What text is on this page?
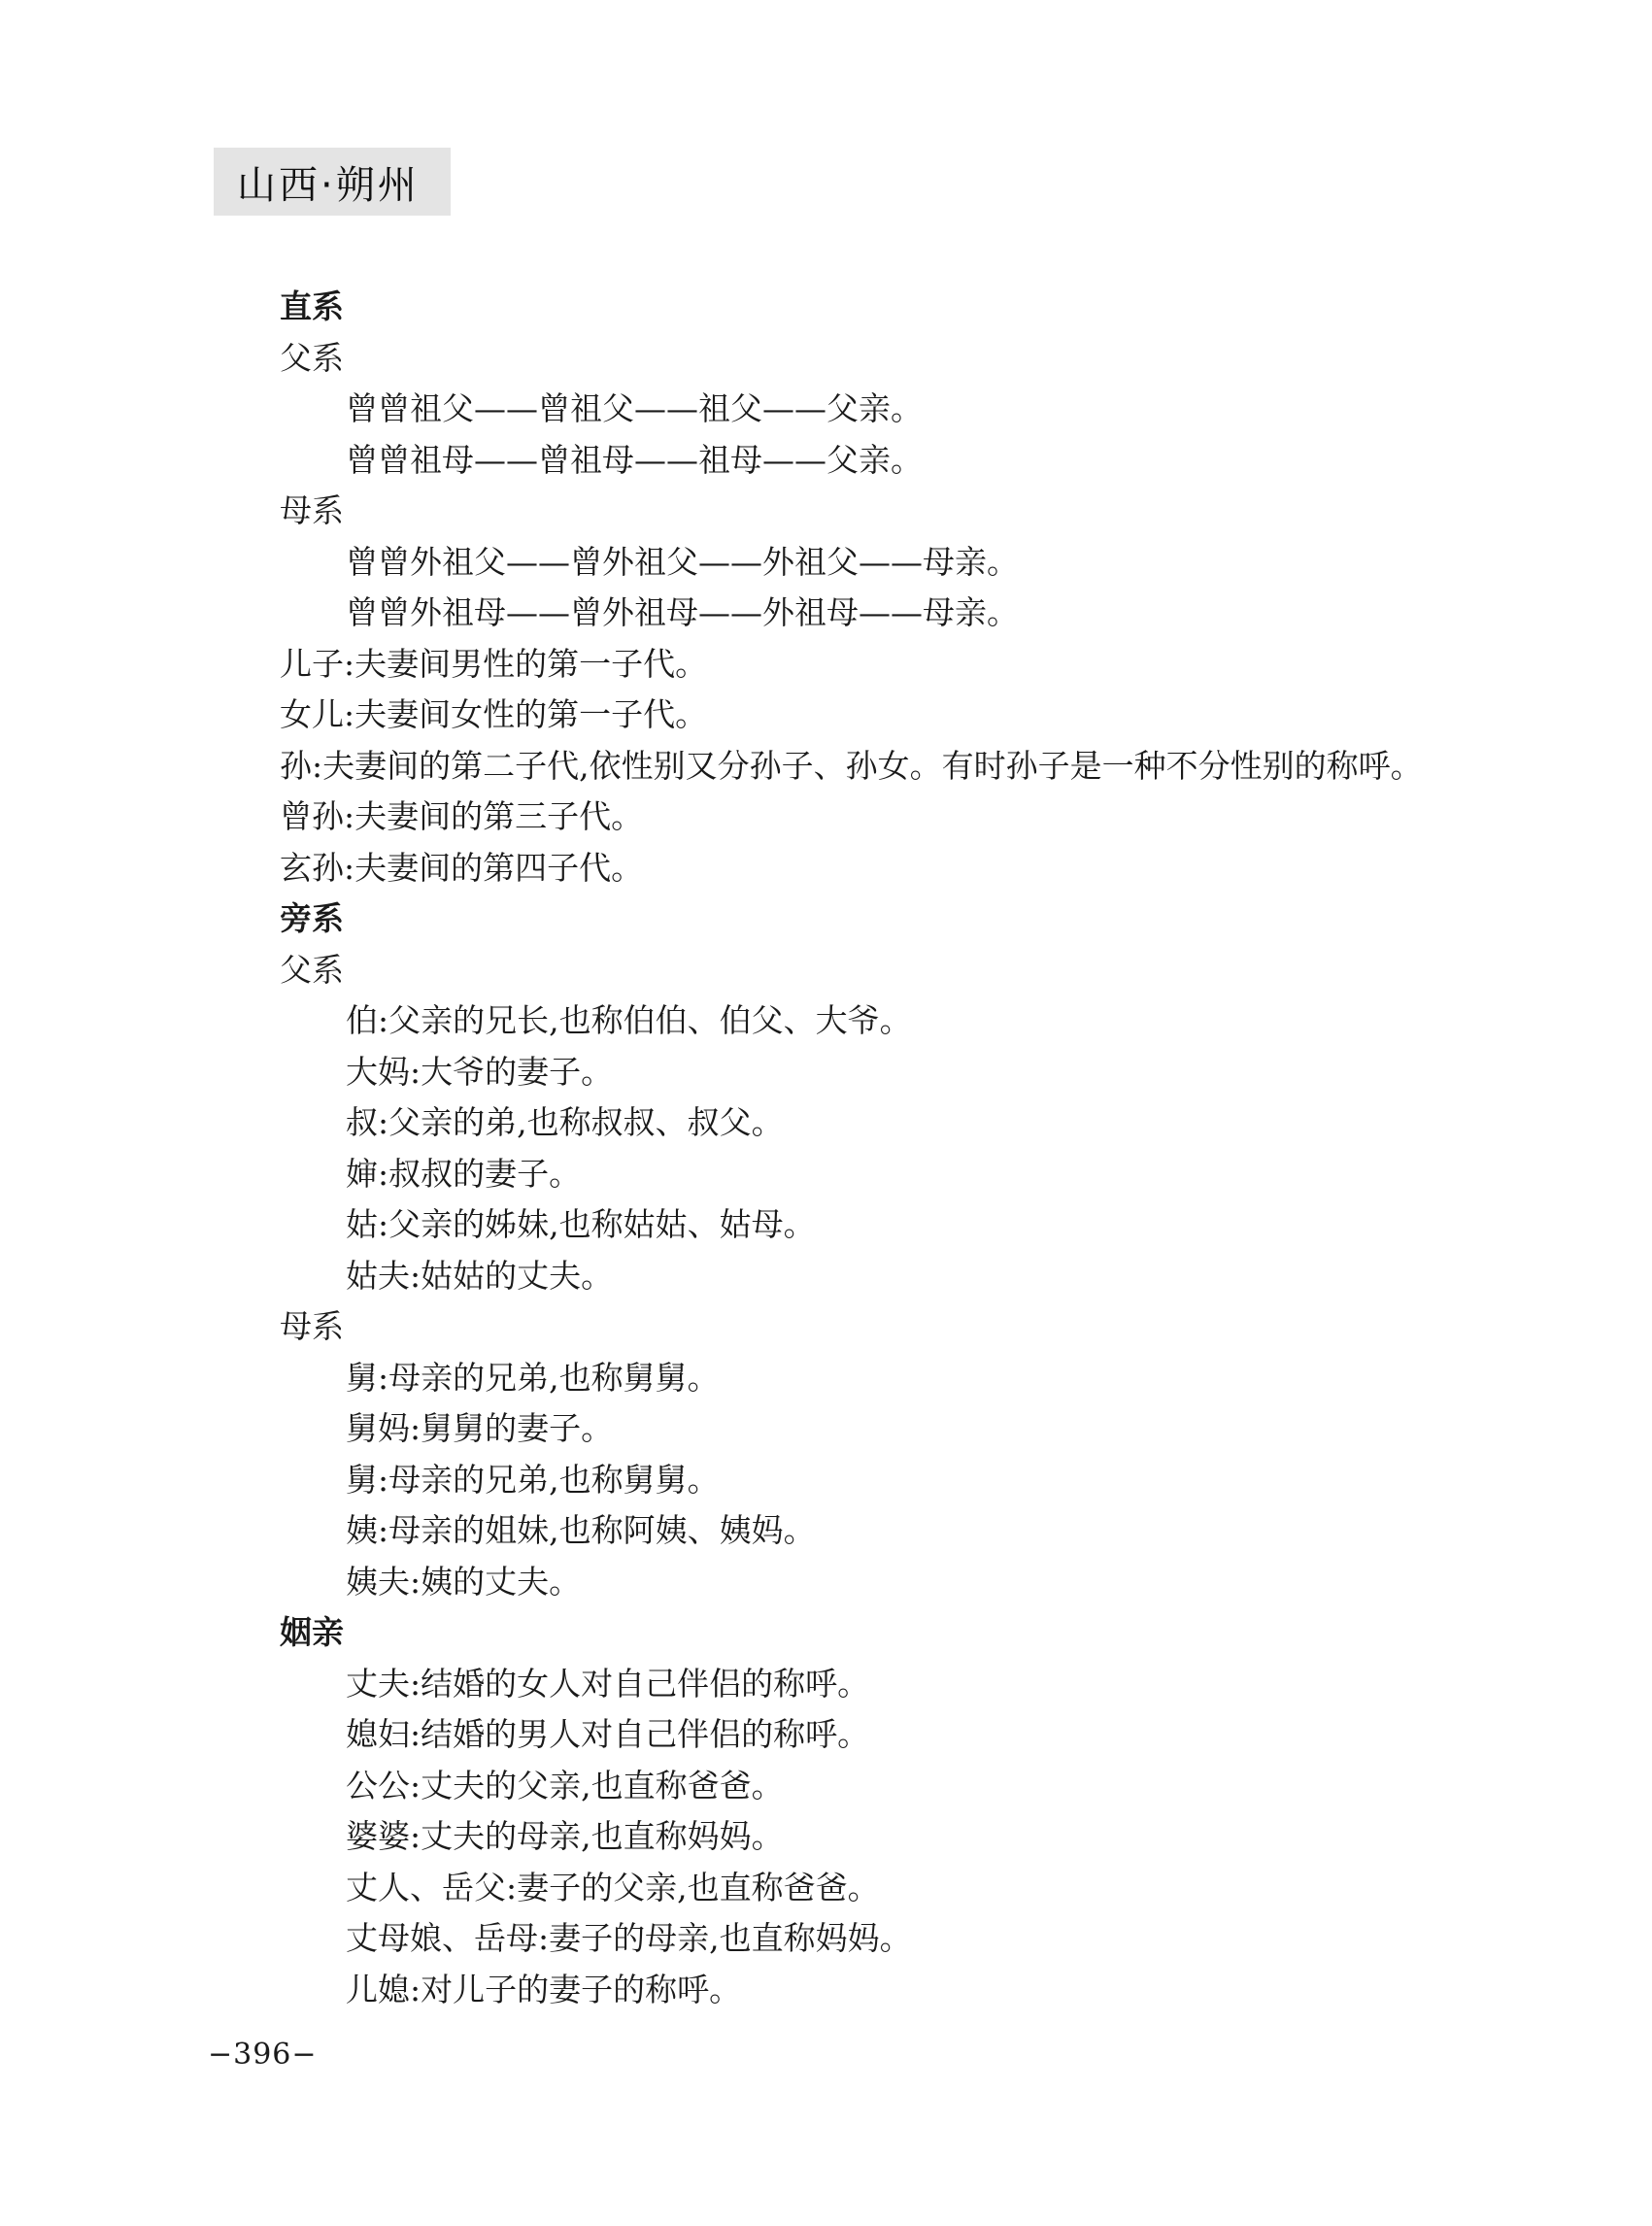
山西·朔州
直系
父系
曾曾祖父——曾祖父——祖父——父亲。
曾曾祖母——曾祖母——祖母——父亲。
母系
曾曾外祖父——曾外祖父——外祖父——母亲。
曾曾外祖母——曾外祖母——外祖母——母亲。
儿子:夫妻间男性的第一子代。
女儿:夫妻间女性的第一子代。
孙:夫妻间的第二子代,依性别又分孙子、孙女。有时孙子是一种不分性别的称呼。
曾孙:夫妻间的第三子代。
玄孙:夫妻间的第四子代。
旁系
父系
伯:父亲的兄长,也称伯伯、伯父、大爷。
大妈:大爷的妻子。
叔:父亲的弟,也称叔叔、叔父。
婶:叔叔的妻子。
姑:父亲的姊妹,也称姑姑、姑母。
姑夫:姑姑的丈夫。
母系
舅:母亲的兄弟,也称舅舅。
舅妈:舅舅的妻子。
舅:母亲的兄弟,也称舅舅。
姨:母亲的姐妹,也称阿姨、姨妈。
姨夫:姨的丈夫。
姻亲
丈夫:结婚的女人对自己伴侣的称呼。
媳妇:结婚的男人对自己伴侣的称呼。
公公:丈夫的父亲,也直称爸爸。
婆婆:丈夫的母亲,也直称妈妈。
丈人、岳父:妻子的父亲,也直称爸爸。
丈母娘、岳母:妻子的母亲,也直称妈妈。
儿媳:对儿子的妻子的称呼。
−396−
